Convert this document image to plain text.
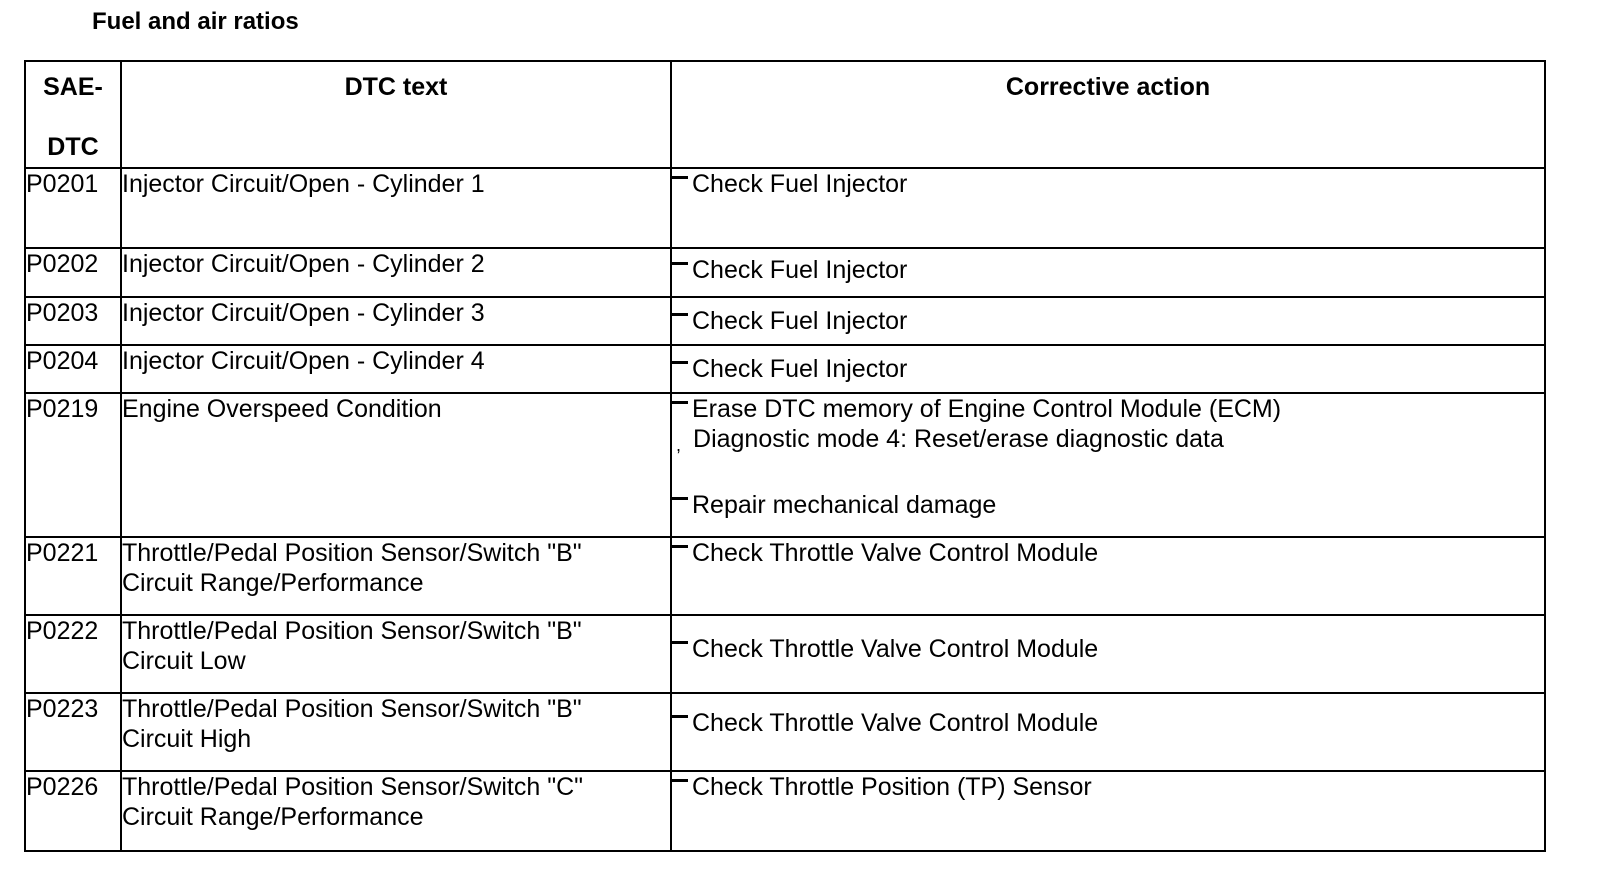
Fuel and air ratios
SAE-
DTC	DTC text	Corrective action

P0201	Injector Circuit/Open - Cylinder 1	Check Fuel Injector

P0202	Injector Circuit/Open - Cylinder 2	Check Fuel Injector

P0203	Injector Circuit/Open - Cylinder 3	Check Fuel Injector

P0204	Injector Circuit/Open - Cylinder 4	Check Fuel Injector

P0219	Engine Overspeed Condition	Erase DTC memory of Engine Control Module (ECM)
, Diagnostic mode 4: Reset/erase diagnostic data
Repair mechanical damage

P0221	Throttle/Pedal Position Sensor/Switch "B"
Circuit Range/Performance	Check Throttle Valve Control Module

P0222	Throttle/Pedal Position Sensor/Switch "B"
Circuit Low	Check Throttle Valve Control Module

P0223	Throttle/Pedal Position Sensor/Switch "B"
Circuit High	Check Throttle Valve Control Module

P0226	Throttle/Pedal Position Sensor/Switch "C"
Circuit Range/Performance	Check Throttle Position (TP) Sensor
